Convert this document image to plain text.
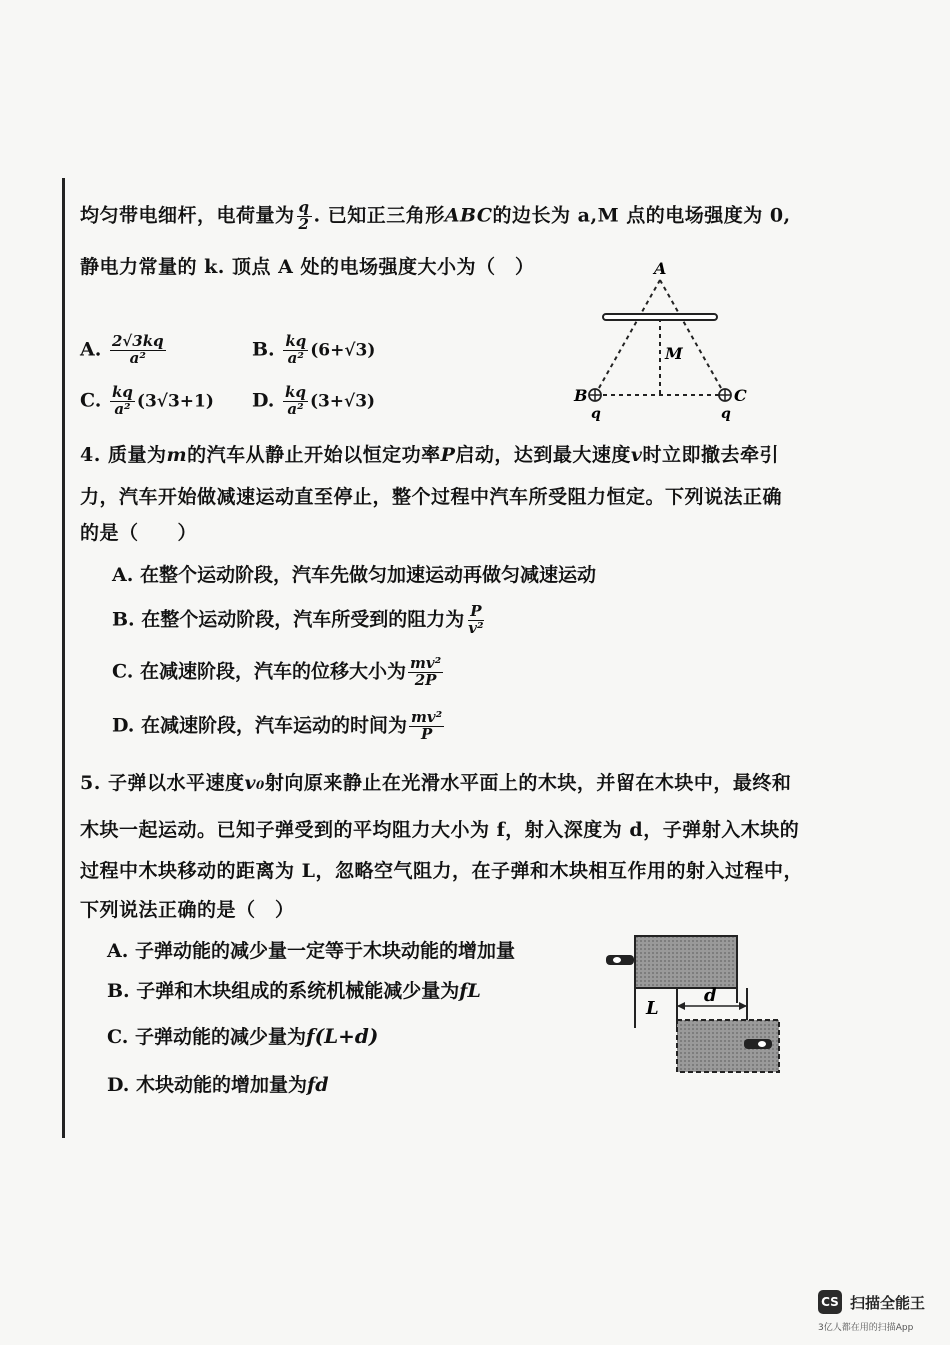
均匀带电细杆，电荷量为 $\frac{q}{2}$ . 已知正三角形ABC的边长为 a,M 点的电场强度为 0,
静电力常量的 k. 顶点 A 处的电场强度大小为（　）
A. $\frac{2√3kq}{\text{a²}}$	B. $\frac{kq}{\text{a²}} (6+√3)$
C. $\frac{kq}{\text{a²}} (3√3+1)$ D. $\frac{kq}{\text{a²}} (3+√3)$
A
M
B	C
q	q
4. 质量为m的汽车从静止开始以恒定功率P启动，达到最大速度v时立即撤去牵引
力，汽车开始做减速运动直至停止，整个过程中汽车所受阻力恒定。下列说法正确
的是（　　）
A. 在整个运动阶段，汽车先做匀加速运动再做匀减速运动
B. 在整个运动阶段，汽车所受到的阻力为 $\frac{P}{\text{v²}}$
C. 在减速阶段，汽车的位移大小为 $\frac{\text{mv²}}{2P}$
D. 在减速阶段，汽车运动的时间为 $\frac{\text{mv²}}{P}$
5. 子弹以水平速度v₀射向原来静止在光滑水平面上的木块，并留在木块中，最终和
木块一起运动。已知子弹受到的平均阻力大小为 f，射入深度为 d，子弹射入木块的
过程中木块移动的距离为 L，忽略空气阻力，在子弹和木块相互作用的射入过程中，
下列说法正确的是（　）
A. 子弹动能的减少量一定等于木块动能的增加量
B. 子弹和木块组成的系统机械能减少量为fL
C. 子弹动能的减少量为f(L+d)
D. 木块动能的增加量为fd
d
L
CS 扫描全能王
3亿人都在用的扫描App
